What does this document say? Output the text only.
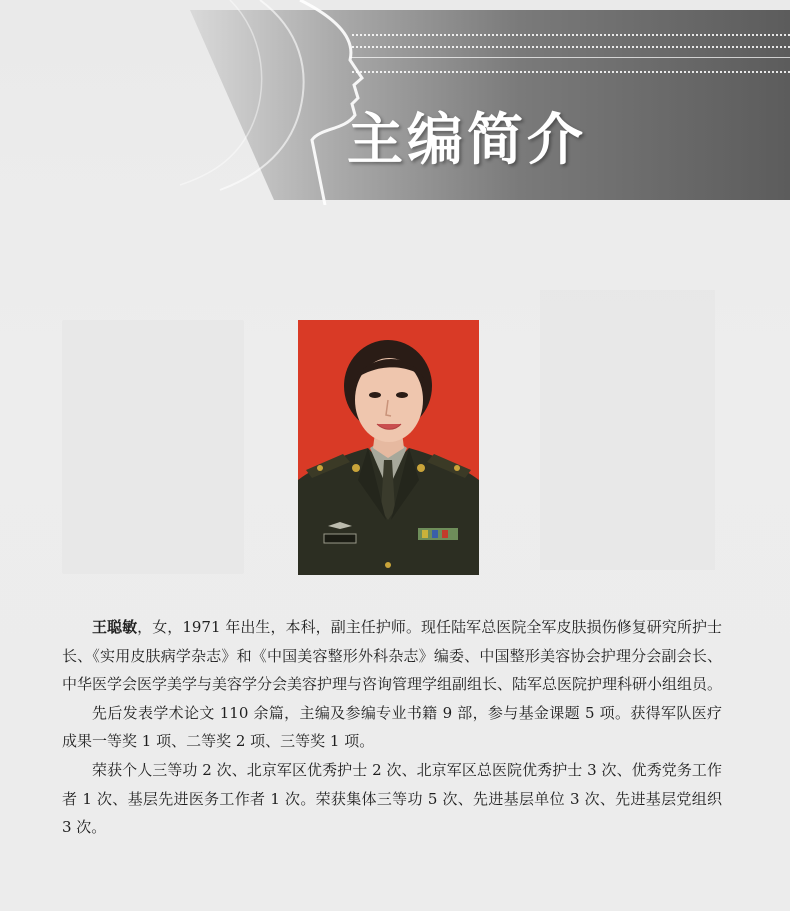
主编简介

王聪敏，女，1971 年出生，本科，副主任护师。现任陆军总医院全军皮肤损伤修复研究所护士长、《实用皮肤病学杂志》和《中国美容整形外科杂志》编委、中国整形美容协会护理分会副会长、中华医学会医学美学与美容学分会美容护理与咨询管理学组副组长、陆军总医院护理科研小组组员。

先后发表学术论文 110 余篇，主编及参编专业书籍 9 部，参与基金课题 5 项。获得军队医疗成果一等奖 1 项、二等奖 2 项、三等奖 1 项。

荣获个人三等功 2 次、北京军区优秀护士 2 次、北京军区总医院优秀护士 3 次、优秀党务工作者 1 次、基层先进医务工作者 1 次。荣获集体三等功 5 次、先进基层单位 3 次、先进基层党组织 3 次。
